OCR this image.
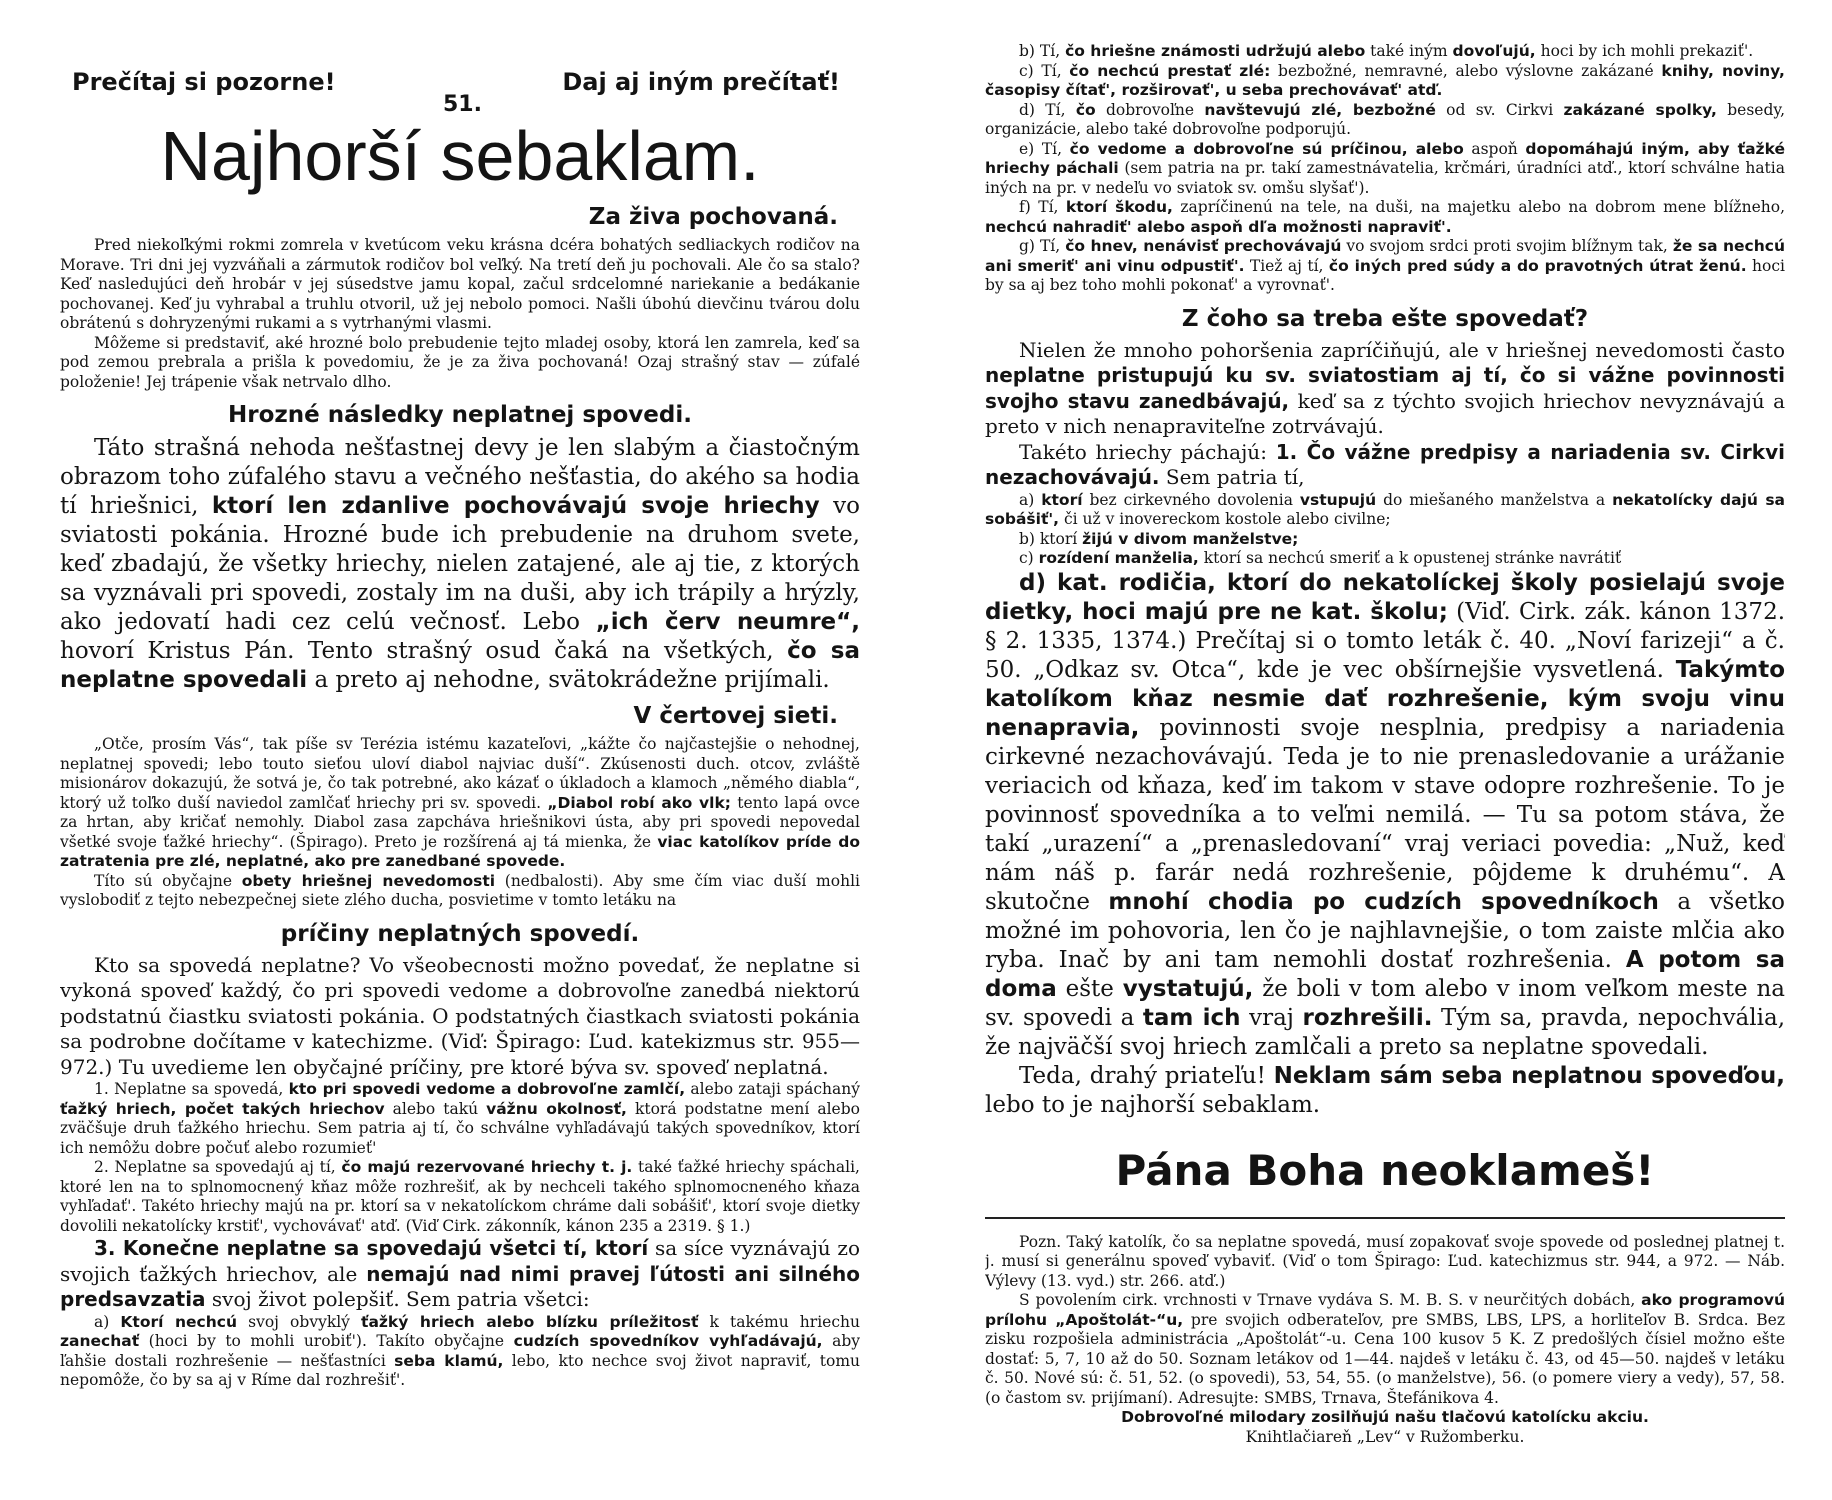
Prečítaj si pozorne!	Daj aj iným prečítať!
51.
Najhorší sebaklam.
Za živa pochovaná.

Pred niekoľkými rokmi zomrela v kvetúcom veku krásna dcéra bohatých sedliackych rodičov na Morave. Tri dni jej vyzváňali a zármutok rodičov bol veľký. Na tretí deň ju pochovali. Ale čo sa stalo? Keď nasledujúci deň hrobár v jej súsedstve jamu kopal, začul srdcelomné nariekanie a bedákanie pochovanej. Keď ju vyhrabal a truhlu otvoril, už jej nebolo pomoci. Našli úbohú dievčinu tvárou dolu obrátenú s dohryzenými rukami a s vytrhanými vlasmi.

Môžeme si predstaviť, aké hrozné bolo prebudenie tejto mladej osoby, ktorá len zamrela, keď sa pod zemou prebrala a prišla k povedomiu, že je za živa pochovaná! Ozaj strašný stav — zúfalé položenie! Jej trápenie však netrvalo dlho.

Hrozné následky neplatnej spovedi.

Táto strašná nehoda nešťastnej devy je len slabým a čiastočným obrazom toho zúfalého stavu a večného nešťastia, do akého sa hodia tí hriešnici, ktorí len zdanlive pochovávajú svoje hriechy vo sviatosti pokánia. Hrozné bude ich prebudenie na druhom svete, keď zbadajú, že všetky hriechy, nielen zatajené, ale aj tie, z ktorých sa vyznávali pri spovedi, zostaly im na duši, aby ich trápily a hrýzly, ako jedovatí hadi cez celú večnosť. Lebo „ich červ neumre“, hovorí Kristus Pán. Tento strašný osud čaká na všetkých, čo sa neplatne spovedali a preto aj nehodne, svätokrádežne prijímali.

V čertovej sieti.

„Otče, prosím Vás“, tak píše sv Terézia istému kazateľovi, „kážte čo najčastejšie o nehodnej, neplatnej spovedi; lebo touto sieťou uloví diabol najviac duší“. Zkúsenosti duch. otcov, zvláště misionárov dokazujú, že sotvá je, čo tak potrebné, ako kázať o úkladoch a klamoch „němého diabla“, ktorý už toľko duší naviedol zamlčať hriechy pri sv. spovedi. „Diabol robí ako vlk; tento lapá ovce za hrtan, aby kričať nemohly. Diabol zasa zapcháva hriešnikovi ústa, aby pri spovedi nepovedal všetké svoje ťažké hriechy“. (Špirago). Preto je rozšírená aj tá mienka, že viac katolíkov príde do zatratenia pre zlé, neplatné, ako pre zanedbané spovede.

Títo sú obyčajne obety hriešnej nevedomosti (nedbalosti). Aby sme čím viac duší mohli vyslobodiť z tejto nebezpečnej siete zlého ducha, posvietime v tomto letáku na

príčiny neplatných spovedí.

Kto sa spovedá neplatne? Vo všeobecnosti možno povedať, že neplatne si vykoná spoveď každý, čo pri spovedi vedome a dobrovoľne zanedbá niektorú podstatnú čiastku sviatosti pokánia. O podstatných čiastkach sviatosti pokánia sa podrobne dočítame v katechizme. (Viď: Špirago: Ľud. katekizmus str. 955—972.) Tu uvedieme len obyčajné príčiny, pre ktoré býva sv. spoveď neplatná.

1. Neplatne sa spovedá, kto pri spovedi vedome a dobrovoľne zamlčí, alebo zataji spáchaný ťažký hriech, počet takých hriechov alebo takú vážnu okolnosť, ktorá podstatne mení alebo zväčšuje druh ťažkého hriechu. Sem patria aj tí, čo schválne vyhľadávajú takých spovedníkov, ktorí ich nemôžu dobre počuť alebo rozumieť'

2. Neplatne sa spovedajú aj tí, čo majú rezervované hriechy t. j. také ťažké hriechy spáchali, ktoré len na to splnomocnený kňaz môže rozhrešiť, ak by nechceli takého splnomocneného kňaza vyhľadať'. Takéto hriechy majú na pr. ktorí sa v nekatolíckom chráme dali sobášiť', ktorí svoje dietky dovolili nekatolícky krstiť', vychovávať' atď. (Viď Cirk. zákonník, kánon 235 a 2319. § 1.)

3. Konečne neplatne sa spovedajú všetci tí, ktorí sa síce vyznávajú zo svojich ťažkých hriechov, ale nemajú nad nimi pravej ľútosti ani silného predsavzatia svoj život polepšiť. Sem patria všetci:

a) Ktorí nechcú svoj obvyklý ťažký hriech alebo blízku príležitosť k takému hriechu zanechať (hoci by to mohli urobiť'). Takíto obyčajne cudzích spovedníkov vyhľadávajú, aby ľahšie dostali rozhrešenie — nešťastníci seba klamú, lebo, kto nechce svoj život napraviť, tomu nepomôže, čo by sa aj v Ríme dal rozhrešiť'.

b) Tí, čo hriešne známosti udržujú alebo také iným dovoľujú, hoci by ich mohli prekaziť'.

c) Tí, čo nechcú prestať zlé: bezbožné, nemravné, alebo výslovne zakázané knihy, noviny, časopisy čítať', rozširovať', u seba prechovávať' atď.

d) Tí, čo dobrovoľne navštevujú zlé, bezbožné od sv. Cirkvi zakázané spolky, besedy, organizácie, alebo také dobrovoľne podporujú.

e) Tí, čo vedome a dobrovoľne sú príčinou, alebo aspoň dopomáhajú iným, aby ťažké hriechy páchali (sem patria na pr. takí zamestnávatelia, krčmári, úradníci atď., ktorí schválne hatia iných na pr. v nedeľu vo sviatok sv. omšu slyšať').

f) Tí, ktorí škodu, zapríčinenú na tele, na duši, na majetku alebo na dobrom mene blížneho, nechcú nahradiť' alebo aspoň dľa možnosti napraviť'.

g) Tí, čo hnev, nenávisť prechovávajú vo svojom srdci proti svojim blížnym tak, že sa nechcú ani smeriť' ani vinu odpustiť'. Tiež aj tí, čo iných pred súdy a do pravotných útrat ženú. hoci by sa aj bez toho mohli pokonať' a vyrovnať'.

Z čoho sa treba ešte spovedať?

Nielen že mnoho pohoršenia zapríčiňujú, ale v hriešnej nevedomosti často neplatne pristupujú ku sv. sviatostiam aj tí, čo si vážne povinnosti svojho stavu zanedbávajú, keď sa z týchto svojich hriechov nevyznávajú a preto v nich nenapraviteľne zotrvávajú.

Takéto hriechy páchajú: 1. Čo vážne predpisy a nariadenia sv. Cirkvi nezachovávajú. Sem patria tí,

a) ktorí bez cirkevného dovolenia vstupujú do miešaného manželstva a nekatolícky dajú sa sobášiť', či už v inovereckom kostole alebo civilne;

b) ktorí žijú v divom manželstve;

c) rozídení manželia, ktorí sa nechcú smeriť a k opustenej stránke navrátiť

d) kat. rodičia, ktorí do nekatolíckej školy posielajú svoje dietky, hoci majú pre ne kat. školu; (Viď. Cirk. zák. kánon 1372. § 2. 1335, 1374.) Prečítaj si o tomto leták č. 40. „Noví farizeji“ a č. 50. „Odkaz sv. Otca“, kde je vec obšírnejšie vysvetlená. Takýmto katolíkom kňaz nesmie dať rozhrešenie, kým svoju vinu nenapravia, povinnosti svoje nesplnia, predpisy a nariadenia cirkevné nezachovávajú. Teda je to nie prenasledovanie a urážanie veriacich od kňaza, keď im takom v stave odopre rozhrešenie. To je povinnosť spovedníka a to veľmi nemilá. — Tu sa potom stáva, že takí „urazení“ a „prenasledovaní“ vraj veriaci povedia: „Nuž, keď nám náš p. farár nedá rozhrešenie, pôjdeme k druhému“. A skutočne mnohí chodia po cudzích spovedníkoch a všetko možné im pohovoria, len čo je najhlavnejšie, o tom zaiste mlčia ako ryba. Inač by ani tam nemohli dostať rozhrešenia. A potom sa doma ešte vystatujú, že boli v tom alebo v inom veľkom meste na sv. spovedi a tam ich vraj rozhrešili. Tým sa, pravda, nepochvália, že najväčší svoj hriech zamlčali a preto sa neplatne spovedali.

Teda, drahý priateľu! Neklam sám seba neplatnou spoveďou, lebo to je najhorší sebaklam.

Pána Boha neoklameš!

Pozn. Taký katolík, čo sa neplatne spovedá, musí zopakovať svoje spovede od poslednej platnej t. j. musí si generálnu spoveď vybaviť. (Viď o tom Špirago: Ľud. katechizmus str. 944, a 972. — Náb. Výlevy (13. vyd.) str. 266. atď.)

S povolením cirk. vrchnosti v Trnave vydáva S. M. B. S. v neurčitých dobách, ako programovú prílohu „Apoštolát-“u, pre svojich odberateľov, pre SMBS, LBS, LPS, a horliteľov B. Srdca. Bez zisku rozpošiela administrácia „Apoštolát“-u. Cena 100 kusov 5 K. Z predošlých čísiel možno ešte dostať: 5, 7, 10 až do 50. Soznam letákov od 1—44. najdeš v letáku č. 43, od 45—50. najdeš v letáku č. 50. Nové sú: č. 51, 52. (o spovedi), 53, 54, 55. (o manželstve), 56. (o pomere viery a vedy), 57, 58. (o častom sv. prijímaní). Adresujte: SMBS, Trnava, Štefánikova 4.

Dobrovoľné milodary zosilňujú našu tlačovú katolícku akciu.

Knihtlačiareň „Lev“ v Ružomberku.
